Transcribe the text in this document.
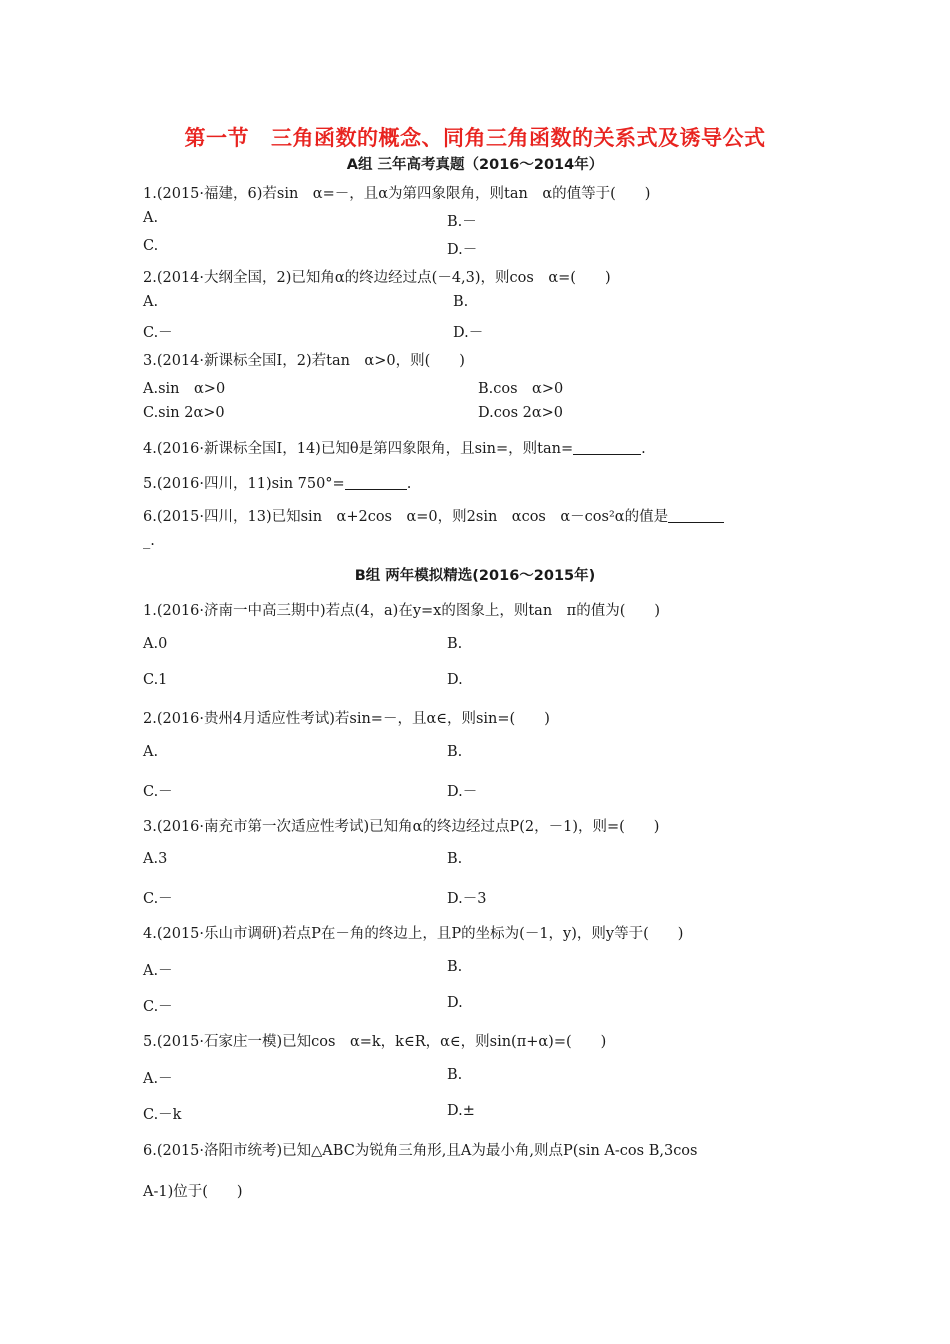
第一节 三角函数的概念、同角三角函数的关系式及诱导公式
A组 三年高考真题（2016～2014年）
1.(2015·福建，6)若sin　α=－，且α为第四象限角，则tan　α的值等于(　　)
A.	B.－
C.	D.－
2.(2014·大纲全国，2)已知角α的终边经过点(－4,3)，则cos　α=(　　)
A.	B.
C.－	D.－
3.(2014·新课标全国Ⅰ，2)若tan　α>0，则(　　)
A.sin　α>0	B.cos　α>0
C.sin 2α>0	D.cos 2α>0
4.(2016·新课标全国Ⅰ，14)已知θ是第四象限角，且sin=，则tan=	.
5.(2016·四川，11)sin 750°=	.
6.(2015·四川，13)已知sin　α+2cos　α=0，则2sin　αcos　α－cos²α的值是
_.
B组 两年模拟精选(2016～2015年)
1.(2016·济南一中高三期中)若点(4，a)在y=x的图象上，则tan　π的值为(　　)
A.0	B.
C.1	D.
2.(2016·贵州4月适应性考试)若sin=－，且α∈，则sin=(　　)
A.	B.
C.－	D.－
3.(2016·南充市第一次适应性考试)已知角α的终边经过点P(2，－1)，则=(　　)
A.3	B.
C.－	D.－3
4.(2015·乐山市调研)若点P在－角的终边上，且P的坐标为(－1，y)，则y等于(　　)
A.－	B.
C.－	D.
5.(2015·石家庄一模)已知cos　α=k，k∈R，α∈，则sin(π+α)=(　　)
A.－	B.
C.－k	D.±
6.(2015·洛阳市统考)已知△ABC为锐角三角形,且A为最小角,则点P(sin A-cos B,3cos
A-1)位于(　　)
